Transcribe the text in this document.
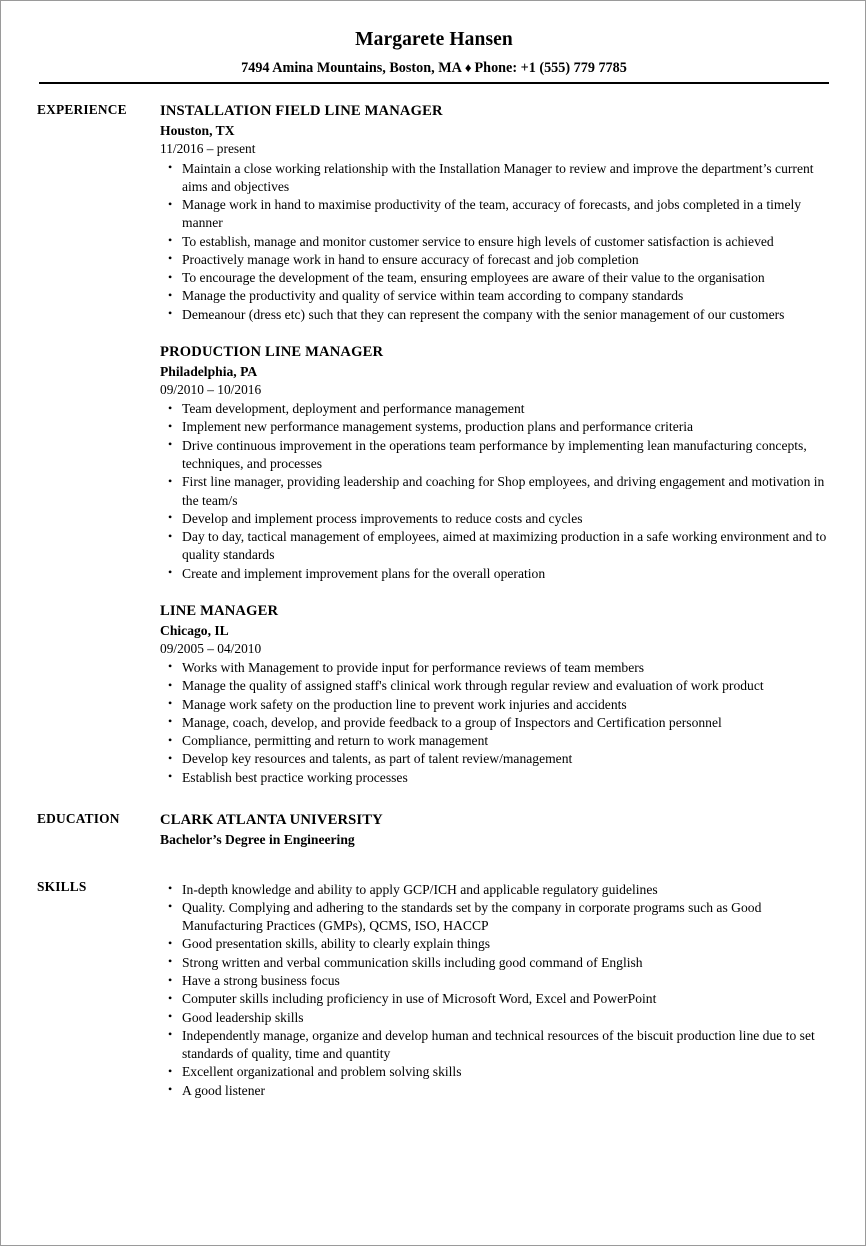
Margarete Hansen
7494 Amina Mountains, Boston, MA ♦ Phone: +1 (555) 779 7785
EXPERIENCE	INSTALLATION FIELD LINE MANAGER
Houston, TX
11/2016 – present
• Maintain a close working relationship with the Installation Manager to review and improve the department’s current aims and objectives
• Manage work in hand to maximise productivity of the team, accuracy of forecasts, and jobs completed in a timely manner
• To establish, manage and monitor customer service to ensure high levels of customer satisfaction is achieved
• Proactively manage work in hand to ensure accuracy of forecast and job completion
• To encourage the development of the team, ensuring employees are aware of their value to the organisation
• Manage the productivity and quality of service within team according to company standards
• Demeanour (dress etc) such that they can represent the company with the senior management of our customers
PRODUCTION LINE MANAGER
Philadelphia, PA
09/2010 – 10/2016
• Team development, deployment and performance management
• Implement new performance management systems, production plans and performance criteria
• Drive continuous improvement in the operations team performance by implementing lean manufacturing concepts, techniques, and processes
• First line manager, providing leadership and coaching for Shop employees, and driving engagement and motivation in the team/s
• Develop and implement process improvements to reduce costs and cycles
• Day to day, tactical management of employees, aimed at maximizing production in a safe working environment and to quality standards
• Create and implement improvement plans for the overall operation
LINE MANAGER
Chicago, IL
09/2005 – 04/2010
• Works with Management to provide input for performance reviews of team members
• Manage the quality of assigned staff's clinical work through regular review and evaluation of work product
• Manage work safety on the production line to prevent work injuries and accidents
• Manage, coach, develop, and provide feedback to a group of Inspectors and Certification personnel
• Compliance, permitting and return to work management
• Develop key resources and talents, as part of talent review/management
• Establish best practice working processes
EDUCATION	CLARK ATLANTA UNIVERSITY
Bachelor’s Degree in Engineering
SKILLS	• In-depth knowledge and ability to apply GCP/ICH and applicable regulatory guidelines
• Quality. Complying and adhering to the standards set by the company in corporate programs such as Good Manufacturing Practices (GMPs), QCMS, ISO, HACCP
• Good presentation skills, ability to clearly explain things
• Strong written and verbal communication skills including good command of English
• Have a strong business focus
• Computer skills including proficiency in use of Microsoft Word, Excel and PowerPoint
• Good leadership skills
• Independently manage, organize and develop human and technical resources of the biscuit production line due to set standards of quality, time and quantity
• Excellent organizational and problem solving skills
• A good listener
